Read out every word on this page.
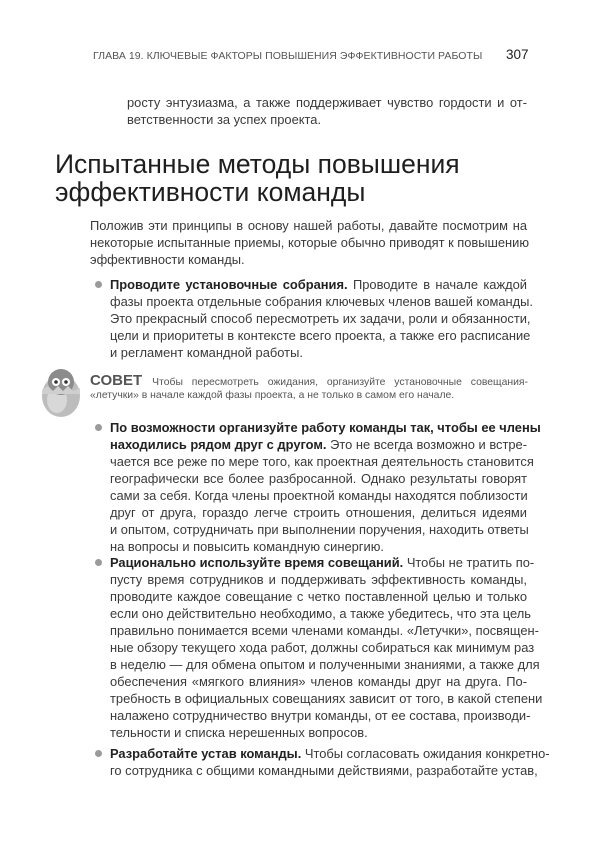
ГЛАВА 19. КЛЮЧЕВЫЕ ФАКТОРЫ ПОВЫШЕНИЯ ЭФФЕКТИВНОСТИ РАБОТЫ 307
росту энтузиазма, а также поддерживает чувство гордости и от-
ветственности за успех проекта.
Испытанные методы повышения
эффективности команды
Положив эти принципы в основу нашей работы, давайте посмотрим на
некоторые испытанные приемы, которые обычно приводят к повышению
эффективности команды.
Проводите установочные собрания. Проводите в начале каждой
фазы проекта отдельные собрания ключевых членов вашей команды.
Это прекрасный способ пересмотреть их задачи, роли и обязанности,
цели и приоритеты в контексте всего проекта, а также его расписание
и регламент командной работы.
СОВЕТ Чтобы пересмотреть ожидания, организуйте установочные совещания-
«летучки» в начале каждой фазы проекта, а не только в самом его начале.
По возможности организуйте работу команды так, чтобы ее члены
находились рядом друг с другом. Это не всегда возможно и встре-
чается все реже по мере того, как проектная деятельность становится
географически все более разбросанной. Однако результаты говорят
сами за себя. Когда члены проектной команды находятся поблизости
друг от друга, гораздо легче строить отношения, делиться идеями
и опытом, сотрудничать при выполнении поручения, находить ответы
на вопросы и повысить командную синергию.
Рационально используйте время совещаний. Чтобы не тратить по-
пусту время сотрудников и поддерживать эффективность команды,
проводите каждое совещание с четко поставленной целью и только
если оно действительно необходимо, а также убедитесь, что эта цель
правильно понимается всеми членами команды. «Летучки», посвящен-
ные обзору текущего хода работ, должны собираться как минимум раз
в неделю — для обмена опытом и полученными знаниями, а также для
обеспечения «мягкого влияния» членов команды друг на друга. По-
требность в официальных совещаниях зависит от того, в какой степени
налажено сотрудничество внутри команды, от ее состава, производи-
тельности и списка нерешенных вопросов.
Разработайте устав команды. Чтобы согласовать ожидания конкретно-
го сотрудника с общими командными действиями, разработайте устав,
